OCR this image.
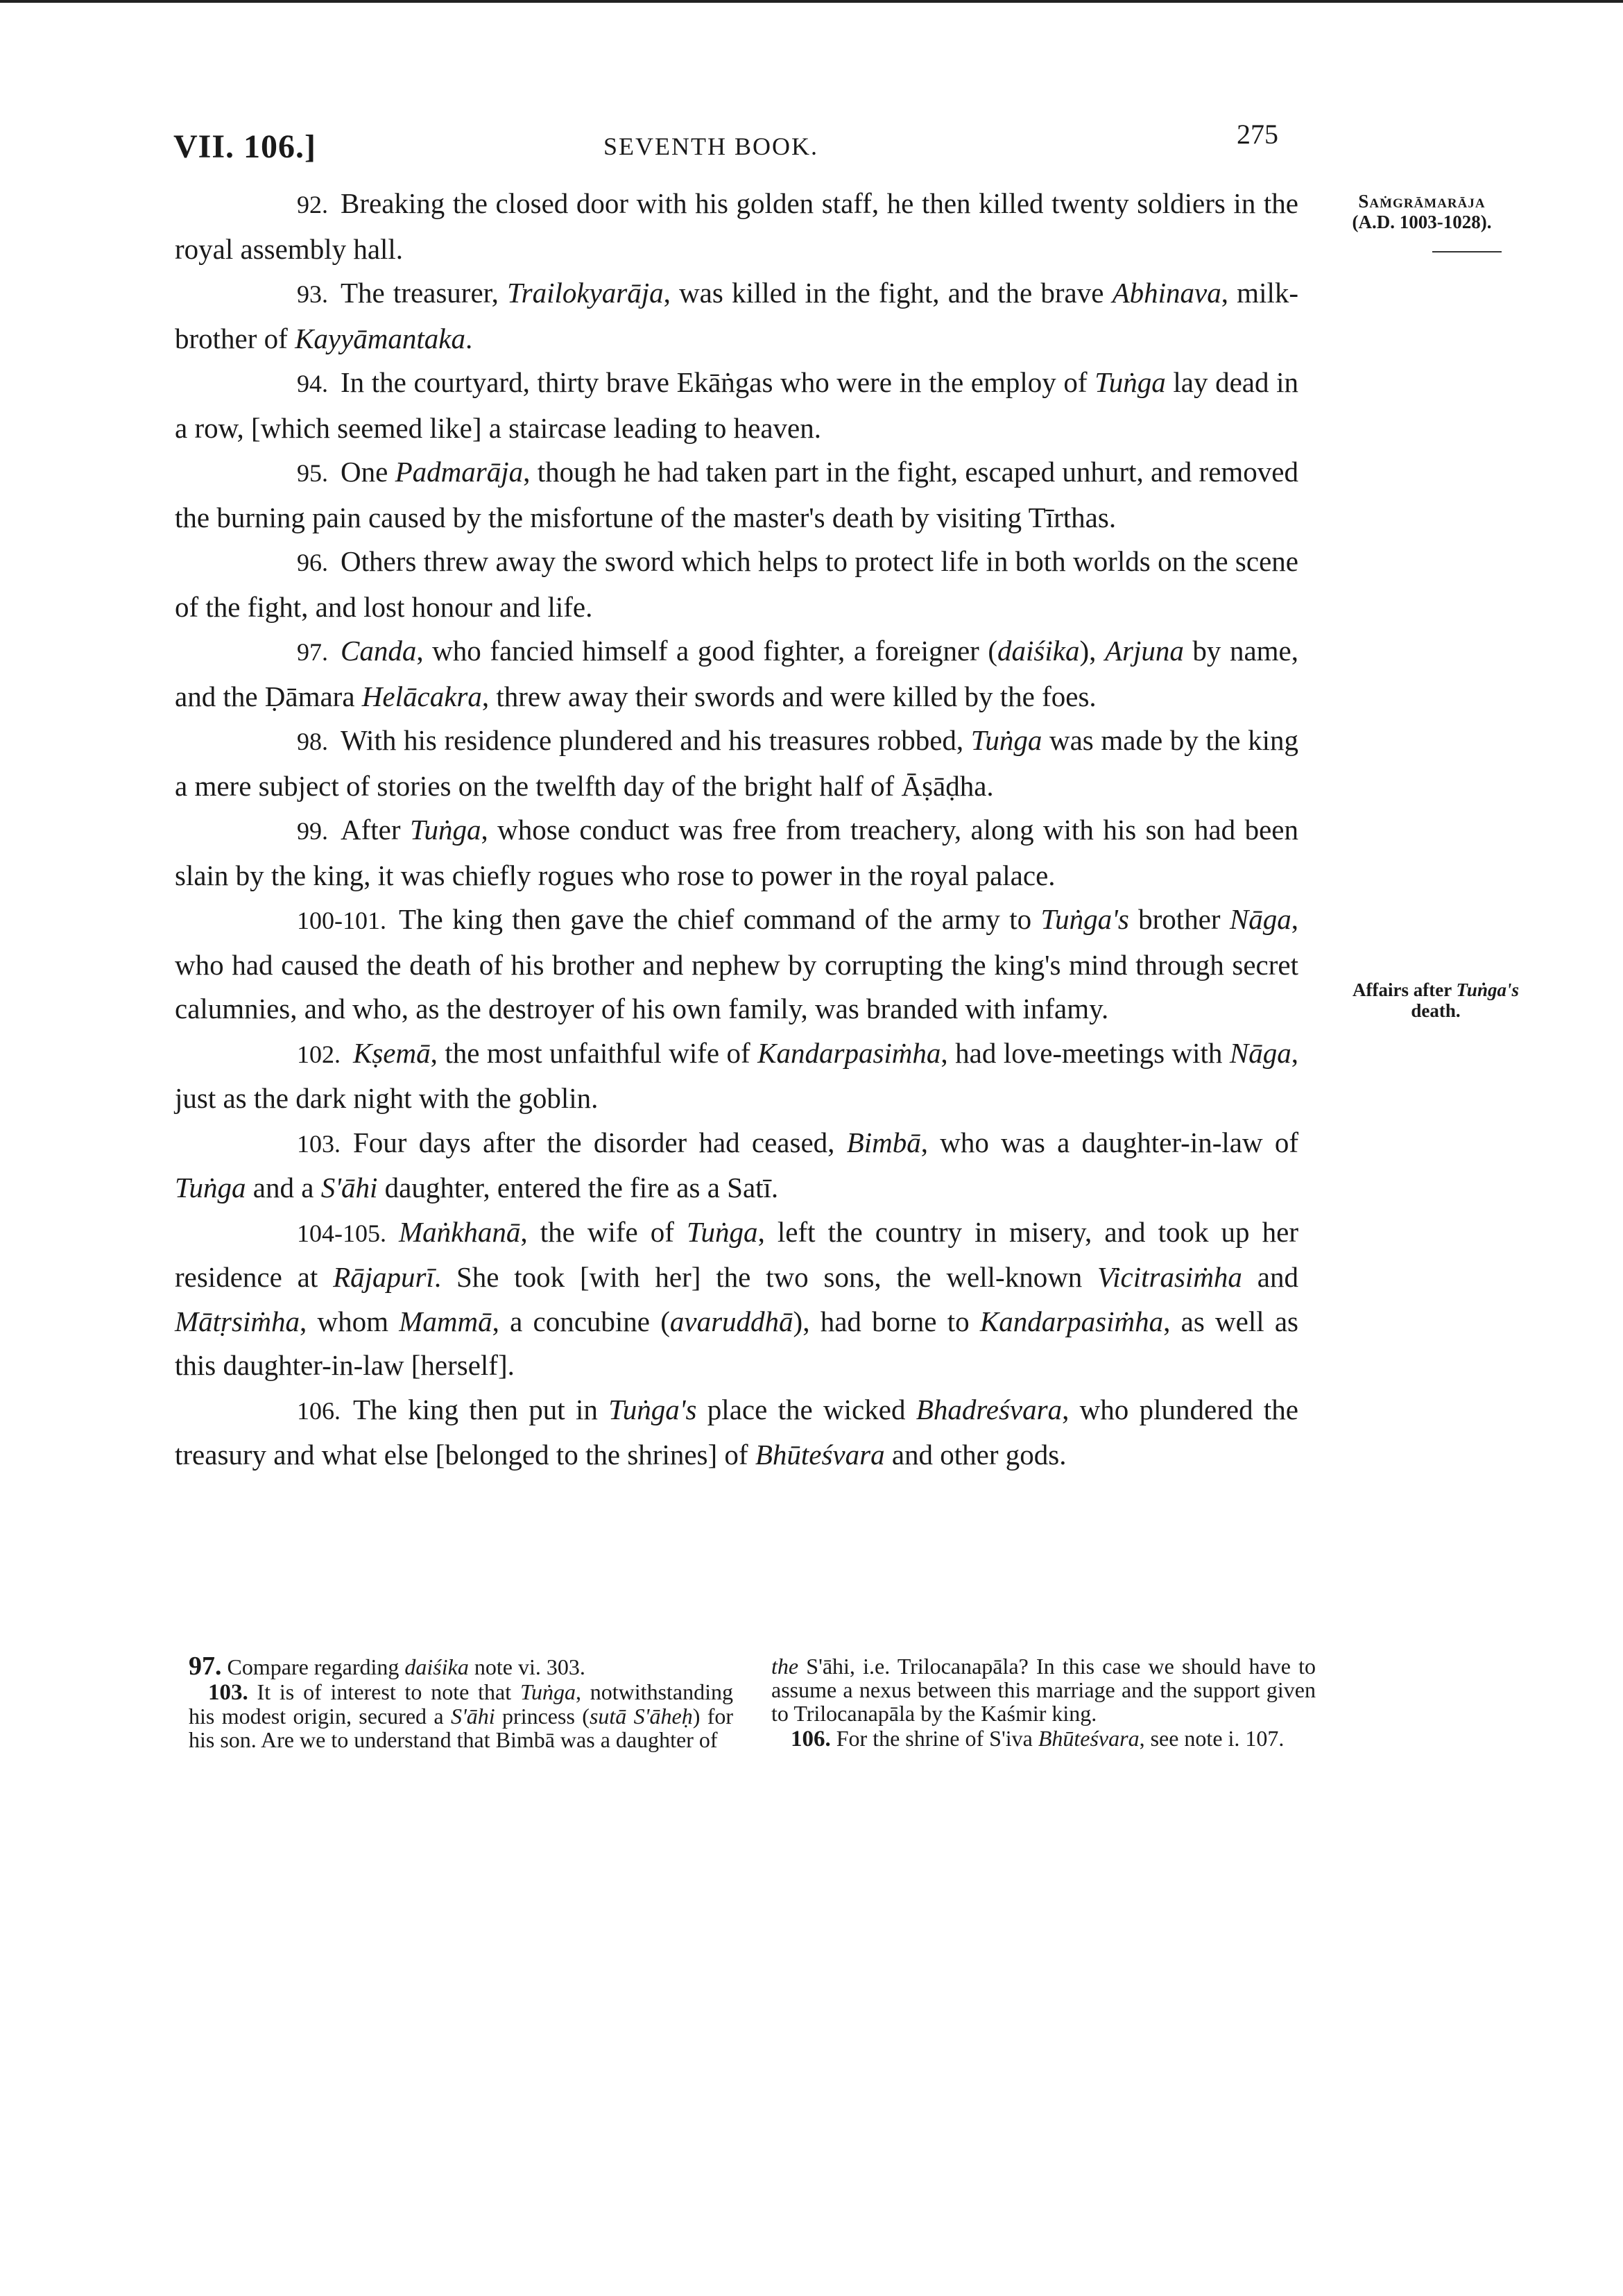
VII. 106.]	SEVENTH BOOK.	275
Saṁgrāmarāja
(A.D. 1003-1028).
Affairs after Tuṅga's
death.

92. Breaking the closed door with his golden staff, he then killed twenty soldiers in the royal assembly hall.

93. The treasurer, Trailokyarāja, was killed in the fight, and the brave Abhinava, milk-brother of Kayyāmantaka.

94. In the courtyard, thirty brave Ekāṅgas who were in the employ of Tuṅga lay dead in a row, [which seemed like] a staircase leading to heaven.

95. One Padmarāja, though he had taken part in the fight, escaped unhurt, and removed the burning pain caused by the misfortune of the master's death by visiting Tīrthas.

96. Others threw away the sword which helps to protect life in both worlds on the scene of the fight, and lost honour and life.

97. Canda, who fancied himself a good fighter, a foreigner (daiśika), Arjuna by name, and the Ḍāmara Helācakra, threw away their swords and were killed by the foes.

98. With his residence plundered and his treasures robbed, Tuṅga was made by the king a mere subject of stories on the twelfth day of the bright half of Āṣāḍha.

99. After Tuṅga, whose conduct was free from treachery, along with his son had been slain by the king, it was chiefly rogues who rose to power in the royal palace.

100-101. The king then gave the chief command of the army to Tuṅga's brother Nāga, who had caused the death of his brother and nephew by corrupting the king's mind through secret calumnies, and who, as the destroyer of his own family, was branded with infamy.

102. Kṣemā, the most unfaithful wife of Kandarpasiṁha, had love-meetings with Nāga, just as the dark night with the goblin.

103. Four days after the disorder had ceased, Bimbā, who was a daughter-in-law of Tuṅga and a S'āhi daughter, entered the fire as a Satī.

104-105. Maṅkhanā, the wife of Tuṅga, left the country in misery, and took up her residence at Rājapurī. She took [with her] the two sons, the well-known Vicitrasiṁha and Mātṛsiṁha, whom Mammā, a concubine (avaruddhā), had borne to Kandarpasiṁha, as well as this daughter-in-law [herself].

106. The king then put in Tuṅga's place the wicked Bhadreśvara, who plundered the treasury and what else [belonged to the shrines] of Bhūteśvara and other gods.

97. Compare regarding daiśika note vi. 303.

103. It is of interest to note that Tuṅga, notwithstanding his modest origin, secured a S'āhi princess (sutā S'āheḥ) for his son. Are we to understand that Bimbā was a daughter of

the S'āhi, i.e. Trilocanapāla? In this case we should have to assume a nexus between this marriage and the support given to Trilocanapāla by the Kaśmir king.

106. For the shrine of S'iva Bhūteśvara, see note i. 107.
